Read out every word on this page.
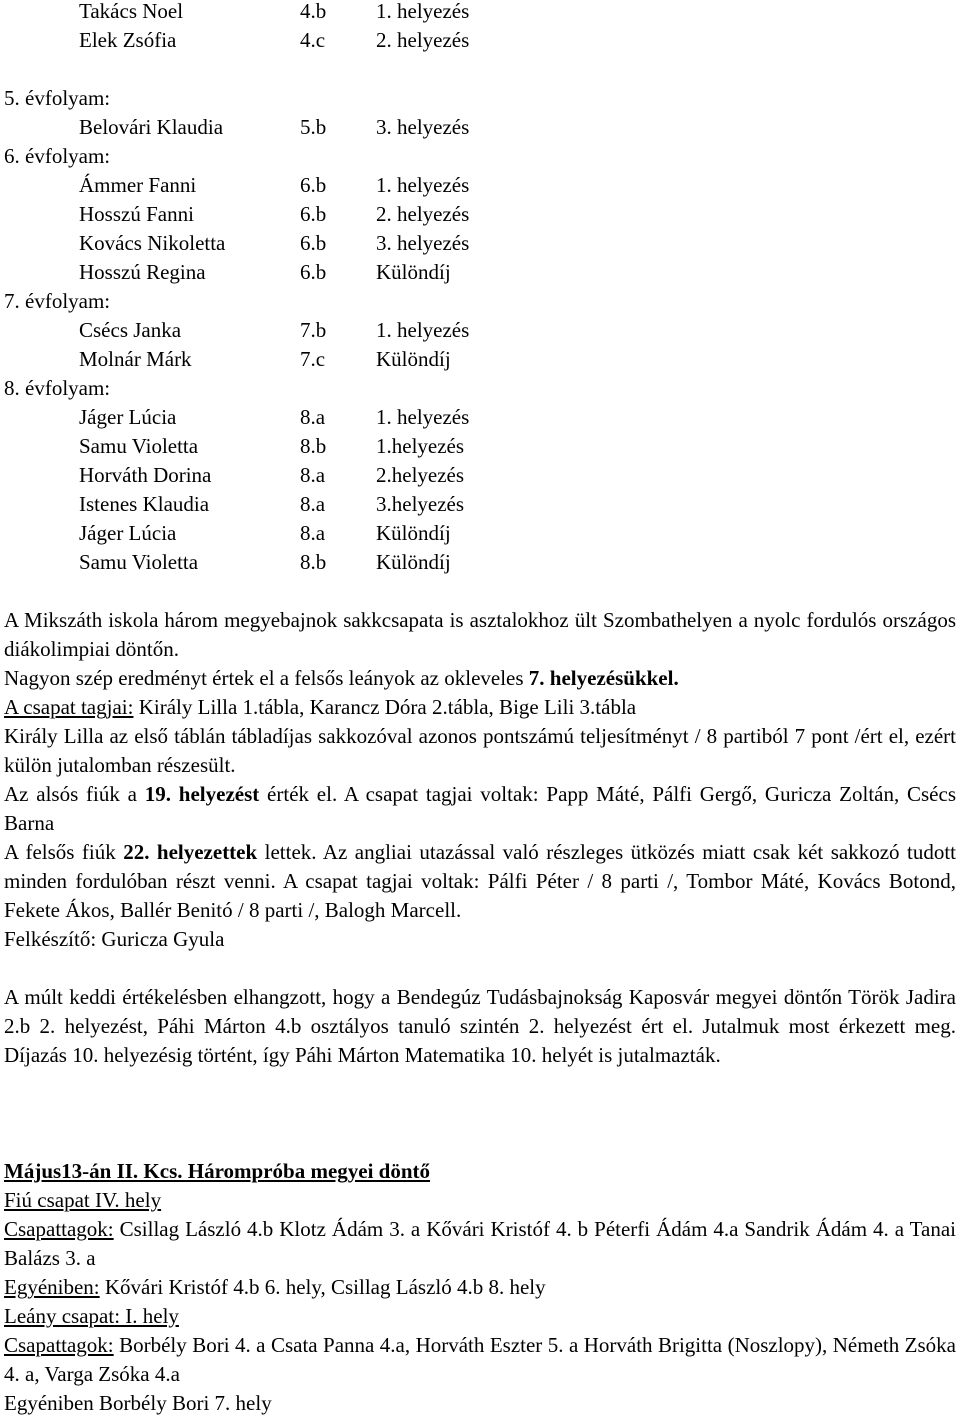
Takács Noel	4.b 1. helyezés
Elek Zsófia	4.c 2. helyezés
5. évfolyam:
Belovári Klaudia	5.b 3. helyezés
6. évfolyam:
Ámmer Fanni	6.b 1. helyezés
Hosszú Fanni	6.b 2. helyezés
Kovács Nikoletta	6.b 3. helyezés
Hosszú Regina	6.b Különdíj
7. évfolyam:
Csécs Janka	7.b 1. helyezés
Molnár Márk	7.c Különdíj
8. évfolyam:
Jáger Lúcia	8.a 1. helyezés
Samu Violetta	8.b 1.helyezés
Horváth Dorina	8.a 2.helyezés
Istenes Klaudia	8.a 3.helyezés
Jáger Lúcia	8.a Különdíj
Samu Violetta	8.b Különdíj
A Mikszáth iskola három megyebajnok sakkcsapata is asztalokhoz ült Szombathelyen a nyolc fordulós országos diákolimpiai döntőn.
Nagyon szép eredményt értek el a felsős leányok az okleveles 7. helyezésükkel.
A csapat tagjai: Király Lilla 1.tábla, Karancz Dóra 2.tábla, Bige Lili 3.tábla
Király Lilla az első táblán tábladíjas sakkozóval azonos pontszámú teljesítményt / 8 partiból 7 pont /ért el, ezért külön jutalomban részesült.
Az alsós fiúk a 19. helyezést érték el. A csapat tagjai voltak: Papp Máté, Pálfi Gergő, Guricza Zoltán, Csécs Barna
A felsős fiúk 22. helyezettek lettek. Az angliai utazással való részleges ütközés miatt csak két sakkozó tudott minden fordulóban részt venni. A csapat tagjai voltak: Pálfi Péter / 8 parti /, Tombor Máté, Kovács Botond, Fekete Ákos, Ballér Benitó / 8 parti /, Balogh Marcell.
Felkészítő: Guricza Gyula
A múlt keddi értékelésben elhangzott, hogy a Bendegúz Tudásbajnokság Kaposvár megyei döntőn Török Jadira 2.b 2. helyezést, Páhi Márton 4.b osztályos tanuló szintén 2. helyezést ért el. Jutalmuk most érkezett meg. Díjazás 10. helyezésig történt, így Páhi Márton Matematika 10. helyét is jutalmazták.
Május13-án II. Kcs. Hárompróba megyei döntő
Fiú csapat IV. hely
Csapattagok: Csillag László 4.b Klotz Ádám 3. a Kővári Kristóf 4. b Péterfi Ádám 4.a Sandrik Ádám 4. a Tanai Balázs 3. a
Egyéniben: Kővári Kristóf 4.b 6. hely, Csillag László 4.b 8. hely
Leány csapat: I. hely
Csapattagok: Borbély Bori 4. a Csata Panna 4.a, Horváth Eszter 5. a Horváth Brigitta (Noszlopy), Németh Zsóka 4. a, Varga Zsóka 4.a
Egyéniben Borbély Bori 7. hely
